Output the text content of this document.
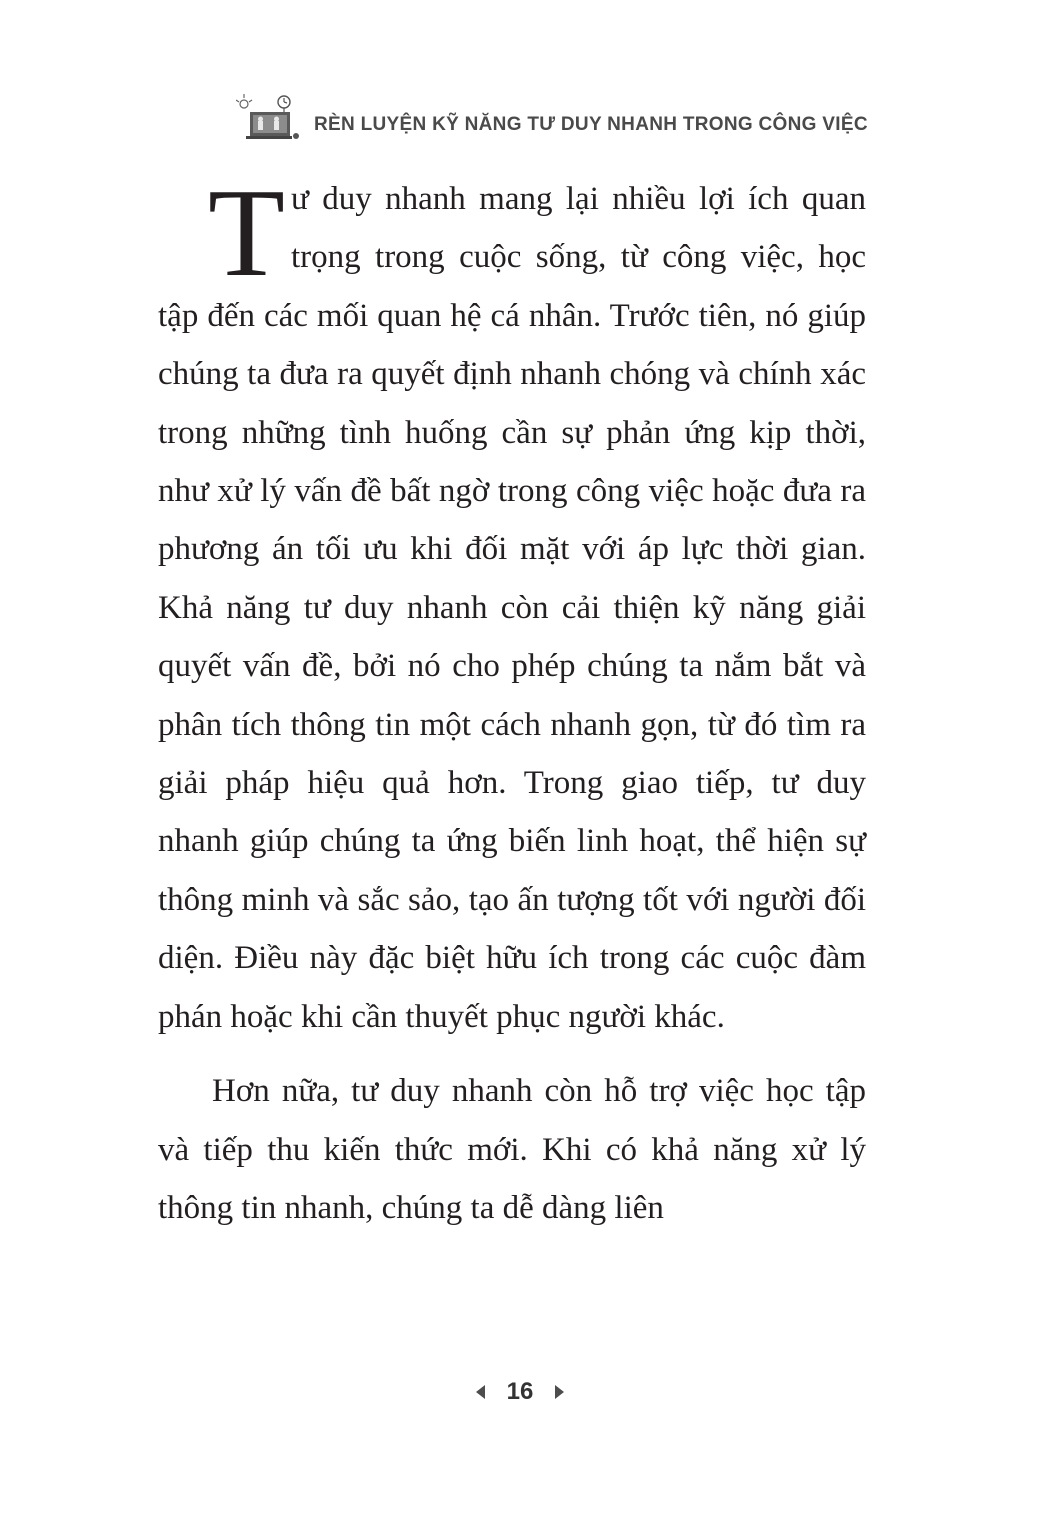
RÈN LUYỆN KỸ NĂNG TƯ DUY NHANH TRONG CÔNG VIỆC

Tư duy nhanh mang lại nhiều lợi ích quan trọng trong cuộc sống, từ công việc, học tập đến các mối quan hệ cá nhân. Trước tiên, nó giúp chúng ta đưa ra quyết định nhanh chóng và chính xác trong những tình huống cần sự phản ứng kịp thời, như xử lý vấn đề bất ngờ trong công việc hoặc đưa ra phương án tối ưu khi đối mặt với áp lực thời gian. Khả năng tư duy nhanh còn cải thiện kỹ năng giải quyết vấn đề, bởi nó cho phép chúng ta nắm bắt và phân tích thông tin một cách nhanh gọn, từ đó tìm ra giải pháp hiệu quả hơn. Trong giao tiếp, tư duy nhanh giúp chúng ta ứng biến linh hoạt, thể hiện sự thông minh và sắc sảo, tạo ấn tượng tốt với người đối diện. Điều này đặc biệt hữu ích trong các cuộc đàm phán hoặc khi cần thuyết phục người khác.

Hơn nữa, tư duy nhanh còn hỗ trợ việc học tập và tiếp thu kiến thức mới. Khi có khả năng xử lý thông tin nhanh, chúng ta dễ dàng liên

16
